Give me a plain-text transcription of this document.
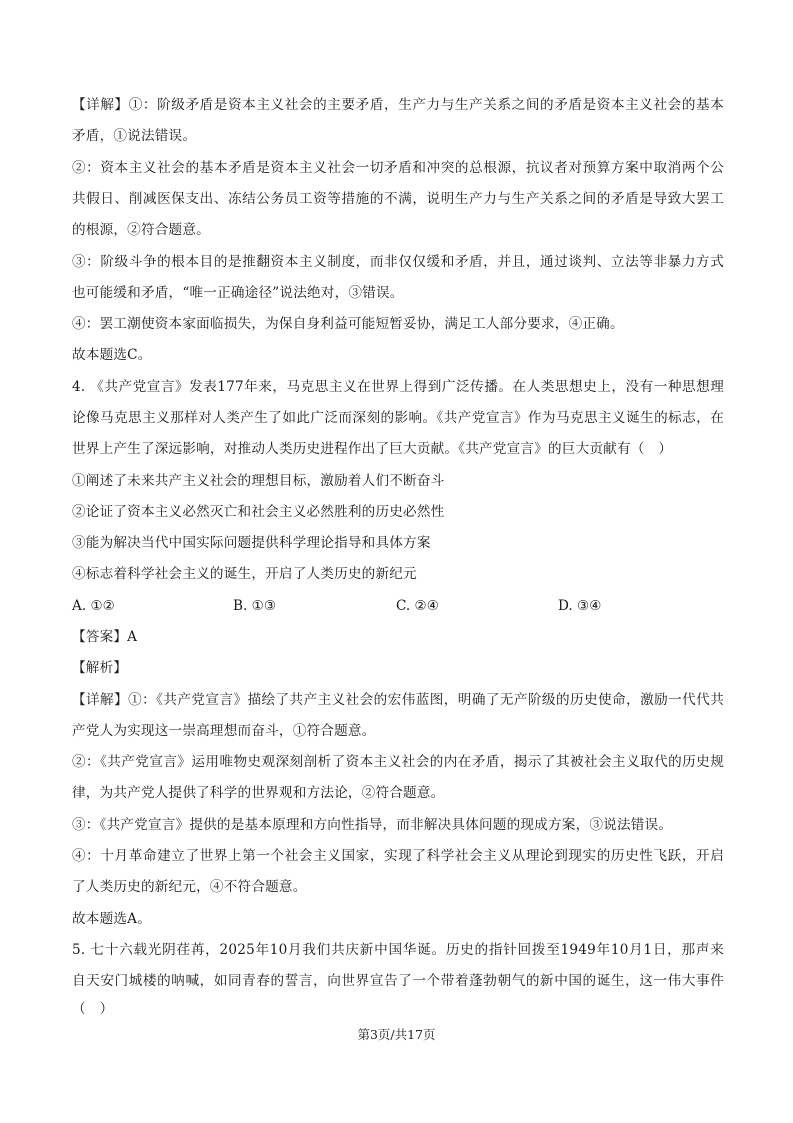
【详解】①：阶级矛盾是资本主义社会的主要矛盾，生产力与生产关系之间的矛盾是资本主义社会的基本
矛盾，①说法错误。
②：资本主义社会的基本矛盾是资本主义社会一切矛盾和冲突的总根源，抗议者对预算方案中取消两个公
共假日、削减医保支出、冻结公务员工资等措施的不满，说明生产力与生产关系之间的矛盾是导致大罢工
的根源，②符合题意。
③：阶级斗争的根本目的是推翻资本主义制度，而非仅仅缓和矛盾，并且，通过谈判、立法等非暴力方式
也可能缓和矛盾，“唯一正确途径”说法绝对，③错误。
④：罢工潮使资本家面临损失，为保自身利益可能短暂妥协，满足工人部分要求，④正确。
故本题选C。
4. 《共产党宣言》发表177年来，马克思主义在世界上得到广泛传播。在人类思想史上，没有一种思想理
论像马克思主义那样对人类产生了如此广泛而深刻的影响。《共产党宣言》作为马克思主义诞生的标志，在
世界上产生了深远影响，对推动人类历史进程作出了巨大贡献。《共产党宣言》的巨大贡献有（　）
①阐述了未来共产主义社会的理想目标，激励着人们不断奋斗
②论证了资本主义必然灭亡和社会主义必然胜利的历史必然性
③能为解决当代中国实际问题提供科学理论指导和具体方案
④标志着科学社会主义的诞生，开启了人类历史的新纪元
A. ①②	B. ①③	C. ②④	D. ③④
【答案】A
【解析】
【详解】①：《共产党宣言》描绘了共产主义社会的宏伟蓝图，明确了无产阶级的历史使命，激励一代代共
产党人为实现这一崇高理想而奋斗，①符合题意。
②：《共产党宣言》运用唯物史观深刻剖析了资本主义社会的内在矛盾，揭示了其被社会主义取代的历史规
律，为共产党人提供了科学的世界观和方法论，②符合题意。
③：《共产党宣言》提供的是基本原理和方向性指导，而非解决具体问题的现成方案，③说法错误。
④：十月革命建立了世界上第一个社会主义国家，实现了科学社会主义从理论到现实的历史性飞跃，开启
了人类历史的新纪元，④不符合题意。
故本题选A。
5. 七十六载光阴荏苒，2025年10月我们共庆新中国华诞。历史的指针回拨至1949年10月1日，那声来
自天安门城楼的呐喊，如同青春的誓言，向世界宣告了一个带着蓬勃朝气的新中国的诞生，这一伟大事件
（　）
第3页/共17页
